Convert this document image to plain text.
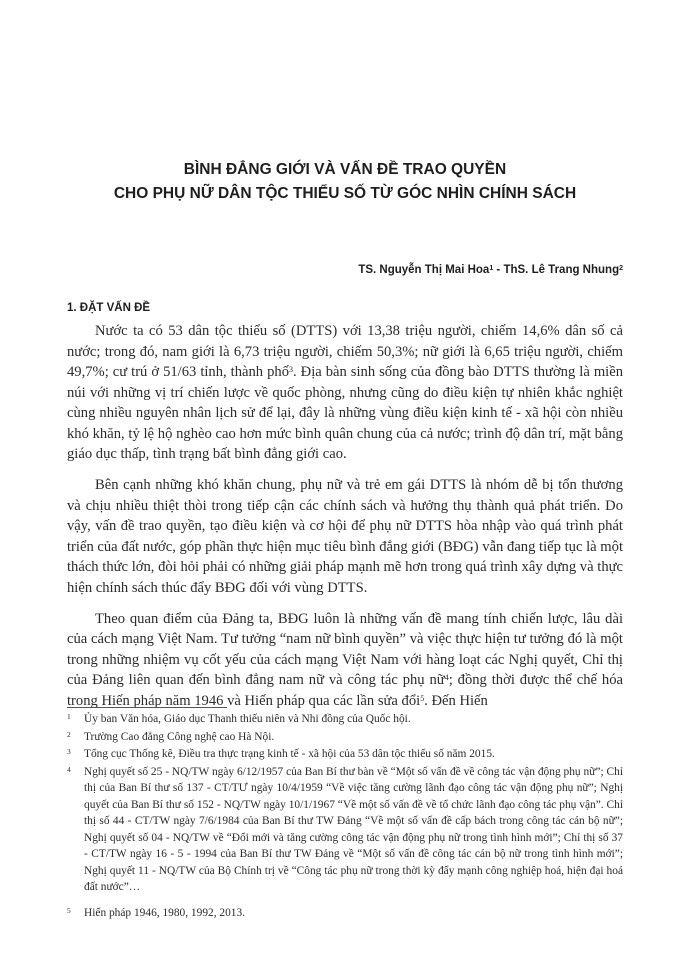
BÌNH ĐẲNG GIỚI VÀ VẤN ĐỀ TRAO QUYỀN
CHO PHỤ NỮ DÂN TỘC THIỂU SỐ TỪ GÓC NHÌN CHÍNH SÁCH
TS. Nguyễn Thị Mai Hoa$^1$ - ThS. Lê Trang Nhung$^2$
1. ĐẶT VẤN ĐỀ

Nước ta có 53 dân tộc thiểu số (DTTS) với 13,38 triệu người, chiếm 14,6% dân số cả nước; trong đó, nam giới là 6,73 triệu người, chiếm 50,3%; nữ giới là 6,65 triệu người, chiếm 49,7%; cư trú ở 51/63 tỉnh, thành phố$^3$. Địa bàn sinh sống của đồng bào DTTS thường là miền núi với những vị trí chiến lược về quốc phòng, nhưng cũng do điều kiện tự nhiên khắc nghiệt cùng nhiều nguyên nhân lịch sử để lại, đây là những vùng điều kiện kinh tế - xã hội còn nhiều khó khăn, tỷ lệ hộ nghèo cao hơn mức bình quân chung của cả nước; trình độ dân trí, mặt bằng giáo dục thấp, tình trạng bất bình đẳng giới cao.

Bên cạnh những khó khăn chung, phụ nữ và trẻ em gái DTTS là nhóm dễ bị tổn thương và chịu nhiều thiệt thòi trong tiếp cận các chính sách và hưởng thụ thành quả phát triển. Do vậy, vấn đề trao quyền, tạo điều kiện và cơ hội để phụ nữ DTTS hòa nhập vào quá trình phát triển của đất nước, góp phần thực hiện mục tiêu bình đẳng giới (BĐG) vẫn đang tiếp tục là một thách thức lớn, đòi hỏi phải có những giải pháp mạnh mẽ hơn trong quá trình xây dựng và thực hiện chính sách thúc đẩy BĐG đối với vùng DTTS.

Theo quan điểm của Đảng ta, BĐG luôn là những vấn đề mang tính chiến lược, lâu dài của cách mạng Việt Nam. Tư tưởng “nam nữ bình quyền” và việc thực hiện tư tưởng đó là một trong những nhiệm vụ cốt yếu của cách mạng Việt Nam với hàng loạt các Nghị quyết, Chỉ thị của Đảng liên quan đến bình đẳng nam nữ và công tác phụ nữ$^4$; đồng thời được thể chế hóa trong Hiến pháp năm 1946 và Hiến pháp qua các lần sửa đổi$^5$. Đến Hiến

1 Ủy ban Văn hóa, Giáo dục Thanh thiếu niên và Nhi đồng của Quốc hội.
2 Trường Cao đẳng Công nghệ cao Hà Nội.
3 Tổng cục Thống kê, Điều tra thực trạng kinh tế - xã hội của 53 dân tộc thiểu số năm 2015.
4 Nghị quyết số 25 - NQ/TW ngày 6/12/1957 của Ban Bí thư bàn về “Một số vấn đề về công tác vận động phụ nữ”; Chỉ thị của Ban Bí thư số 137 - CT/TƯ ngày 10/4/1959 “Về việc tăng cường lãnh đạo công tác vận động phụ nữ”; Nghị quyết của Ban Bí thư số 152 - NQ/TW ngày 10/1/1967 “Về một số vấn đề về tổ chức lãnh đạo công tác phụ vận”. Chỉ thị số 44 - CT/TW ngày 7/6/1984 của Ban Bí thư TW Đảng “Về một số vấn đề cấp bách trong công tác cán bộ nữ”; Nghị quyết số 04 - NQ/TW về “Đổi mới và tăng cường công tác vận động phụ nữ trong tình hình mới”; Chỉ thị số 37 - CT/TW ngày 16 - 5 - 1994 của Ban Bí thư TW Đảng về “Một số vấn đề công tác cán bộ nữ trong tình hình mới”; Nghị quyết 11 - NQ/TW của Bộ Chính trị về “Công tác phụ nữ trong thời kỳ đẩy mạnh công nghiệp hoá, hiện đại hoá đất nước”…
5 Hiến pháp 1946, 1980, 1992, 2013.
